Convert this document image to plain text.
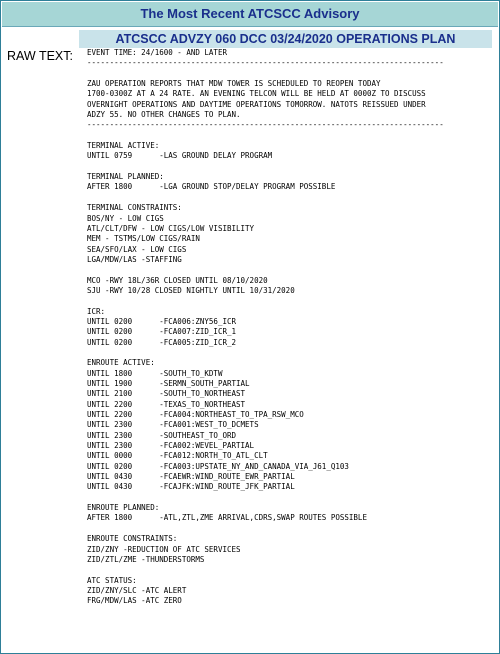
The Most Recent ATCSCC Advisory
ATCSCC ADVZY 060 DCC 03/24/2020 OPERATIONS PLAN
RAW TEXT: EVENT TIME: 24/1600 - AND LATER
-------------------------------------------------------------------------------

ZAU OPERATION REPORTS THAT MDW TOWER IS SCHEDULED TO REOPEN TODAY
1700-0300Z AT A 24 RATE. AN EVENING TELCON WILL BE HELD AT 0000Z TO DISCUSS
OVERNIGHT OPERATIONS AND DAYTIME OPERATIONS TOMORROW. NATOTS REISSUED UNDER
ADZY 55. NO OTHER CHANGES TO PLAN.
-------------------------------------------------------------------------------

TERMINAL ACTIVE:
UNTIL 0759      -LAS GROUND DELAY PROGRAM

TERMINAL PLANNED:
AFTER 1800      -LGA GROUND STOP/DELAY PROGRAM POSSIBLE

TERMINAL CONSTRAINTS:
BOS/NY - LOW CIGS
ATL/CLT/DFW - LOW CIGS/LOW VISIBILITY
MEM - TSTMS/LOW CIGS/RAIN
SEA/SFO/LAX - LOW CIGS
LGA/MDW/LAS -STAFFING

MCO -RWY 18L/36R CLOSED UNTIL 08/10/2020
SJU -RWY 10/28 CLOSED NIGHTLY UNTIL 10/31/2020

ICR:
UNTIL 0200      -FCA006:ZNY56_ICR
UNTIL 0200      -FCA007:ZID_ICR_1
UNTIL 0200      -FCA005:ZID_ICR_2

ENROUTE ACTIVE:
UNTIL 1800      -SOUTH_TO_KDTW
UNTIL 1900      -SERMN_SOUTH_PARTIAL
UNTIL 2100      -SOUTH_TO_NORTHEAST
UNTIL 2200      -TEXAS_TO_NORTHEAST
UNTIL 2200      -FCA004:NORTHEAST_TO_TPA_RSW_MCO
UNTIL 2300      -FCA001:WEST_TO_DCMETS
UNTIL 2300      -SOUTHEAST_TO_ORD
UNTIL 2300      -FCA002:WEVEL_PARTIAL
UNTIL 0000      -FCA012:NORTH_TO_ATL_CLT
UNTIL 0200      -FCA003:UPSTATE_NY_AND_CANADA_VIA_J61_Q103
UNTIL 0430      -FCAEWR:WIND_ROUTE_EWR_PARTIAL
UNTIL 0430      -FCAJFK:WIND_ROUTE_JFK_PARTIAL

ENROUTE PLANNED:
AFTER 1800      -ATL,ZTL,ZME ARRIVAL,CDRS,SWAP ROUTES POSSIBLE

ENROUTE CONSTRAINTS:
ZID/ZNY -REDUCTION OF ATC SERVICES
ZID/ZTL/ZME -THUNDERSTORMS

ATC STATUS:
ZID/ZNY/SLC -ATC ALERT
FRG/MDW/LAS -ATC ZERO
